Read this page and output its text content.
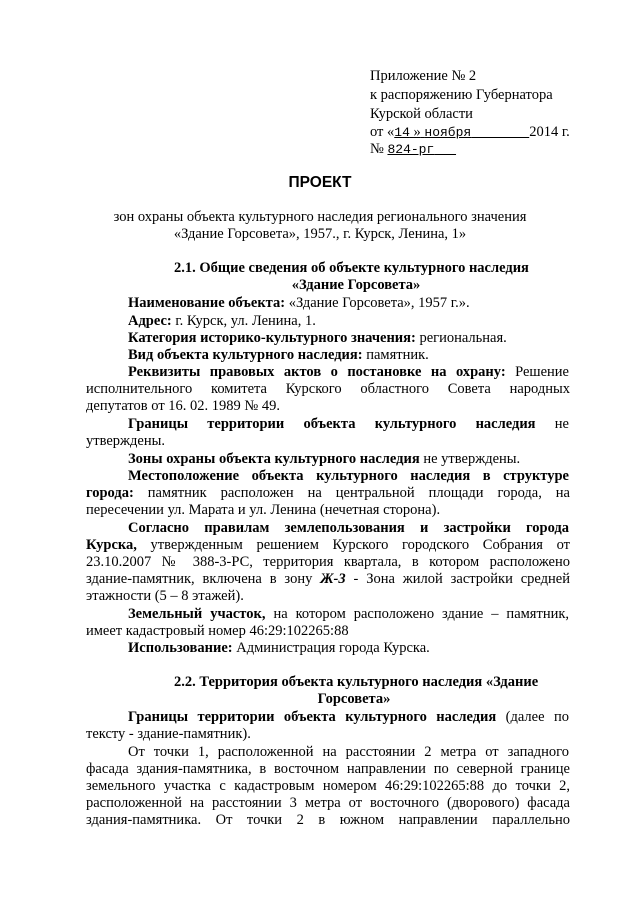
Приложение № 2
к распоряжению Губернатора
Курской области
от «14 » ноября	2014 г.
№ 824-рг
ПРОЕКТ
зон охраны объекта культурного наследия регионального значения
«Здание Горсовета», 1957., г. Курск, Ленина, 1»
2.1. Общие сведения об объекте культурного наследия
«Здание Горсовета»
Наименование объекта: «Здание Горсовета», 1957 г.».
Адрес: г. Курск, ул. Ленина, 1.
Категория историко-культурного значения: региональная.
Вид объекта культурного наследия: памятник.
Реквизиты правовых актов о постановке на охрану: Решение
исполнительного комитета Курского областного Совета народных
депутатов от 16. 02. 1989 № 49.
Границы территории объекта культурного наследия не
утверждены.
Зоны охраны объекта культурного наследия не утверждены.
Местоположение объекта культурного наследия в структуре
города: памятник расположен на центральной площади города, на
пересечении ул. Марата и ул. Ленина (нечетная сторона).
Согласно правилам землепользования и застройки города
Курска, утвержденным решением Курского городского Собрания от
23.10.2007 № 388-3-РС, территория квартала, в котором расположено
здание-памятник, включена в зону Ж-3 - Зона жилой застройки средней
этажности (5 – 8 этажей).
Земельный участок, на котором расположено здание – памятник,
имеет кадастровый номер 46:29:102265:88
Использование: Администрация города Курска.
2.2. Территория объекта культурного наследия «Здание
Горсовета»
Границы территории объекта культурного наследия (далее по
тексту - здание-памятник).
От точки 1, расположенной на расстоянии 2 метра от западного
фасада здания-памятника, в восточном направлении по северной границе
земельного участка с кадастровым номером 46:29:102265:88 до точки 2,
расположенной на расстоянии 3 метра от восточного (дворового) фасада
здания-памятника. От точки 2 в южном направлении параллельно
